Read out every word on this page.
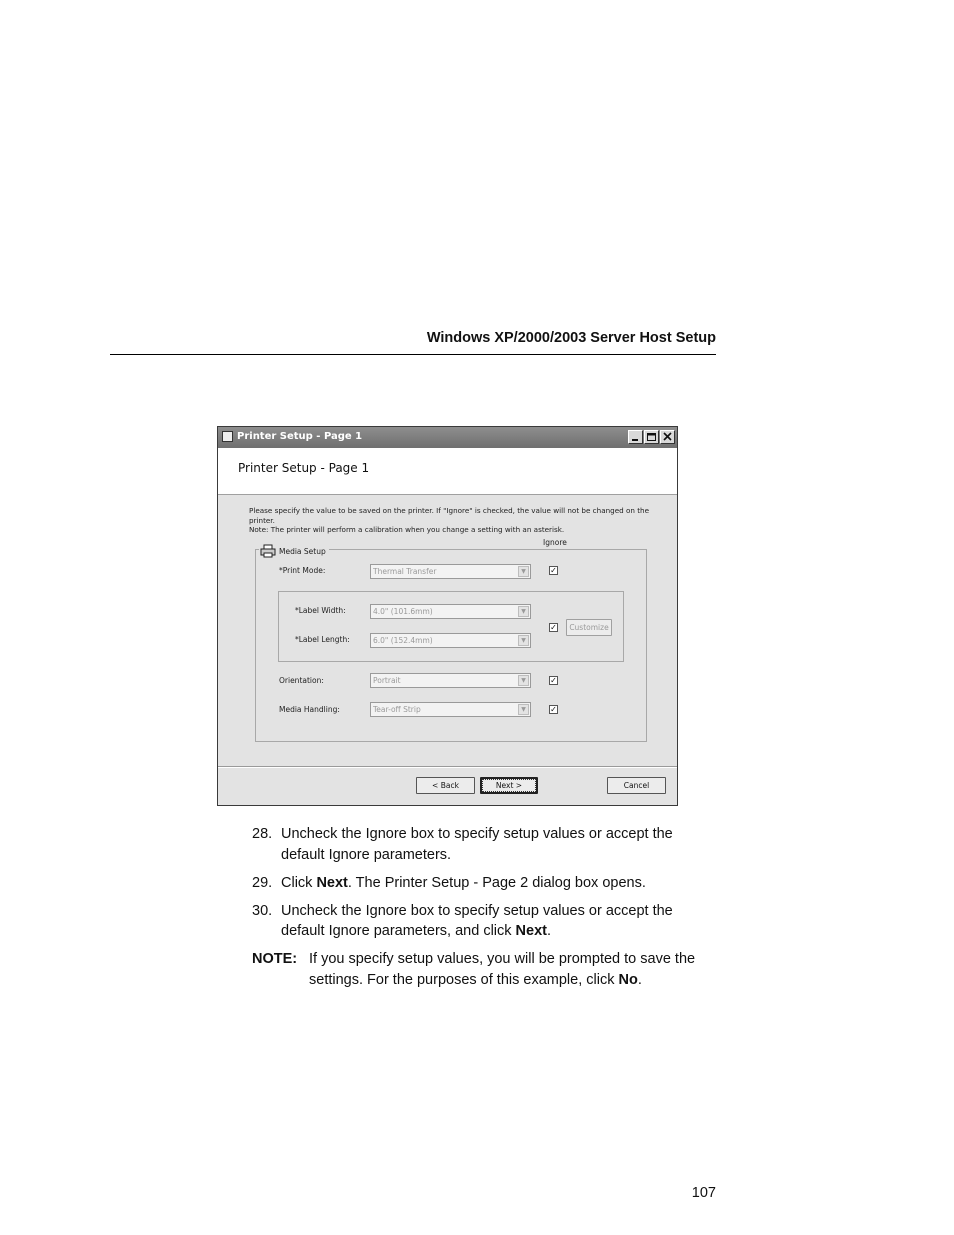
Windows XP/2000/2003 Server Host Setup
Printer Setup - Page 1
Printer Setup - Page 1

Please specify the value to be saved on the printer. If "Ignore" is checked, the value will not be changed on the printer.

Note: The printer will perform a calibration when you change a setting with an asterisk.

Ignore
Media Setup
*Print Mode:	Thermal Transfer	▼	✓
*Label Width:	4.0" (101.6mm)	▼
*Label Length:	6.0" (152.4mm)	▼
✓	Customize
Orientation:	Portrait	▼	✓
Media Handling:	Tear-off Strip	▼	✓
< Back	Next >	Cancel
28. Uncheck the Ignore box to specify setup values or accept the default Ignore parameters.
29. Click Next. The Printer Setup - Page 2 dialog box opens.
30. Uncheck the Ignore box to specify setup values or accept the default Ignore parameters, and click Next.
NOTE: If you specify setup values, you will be prompted to save the settings. For the purposes of this example, click No.
107
